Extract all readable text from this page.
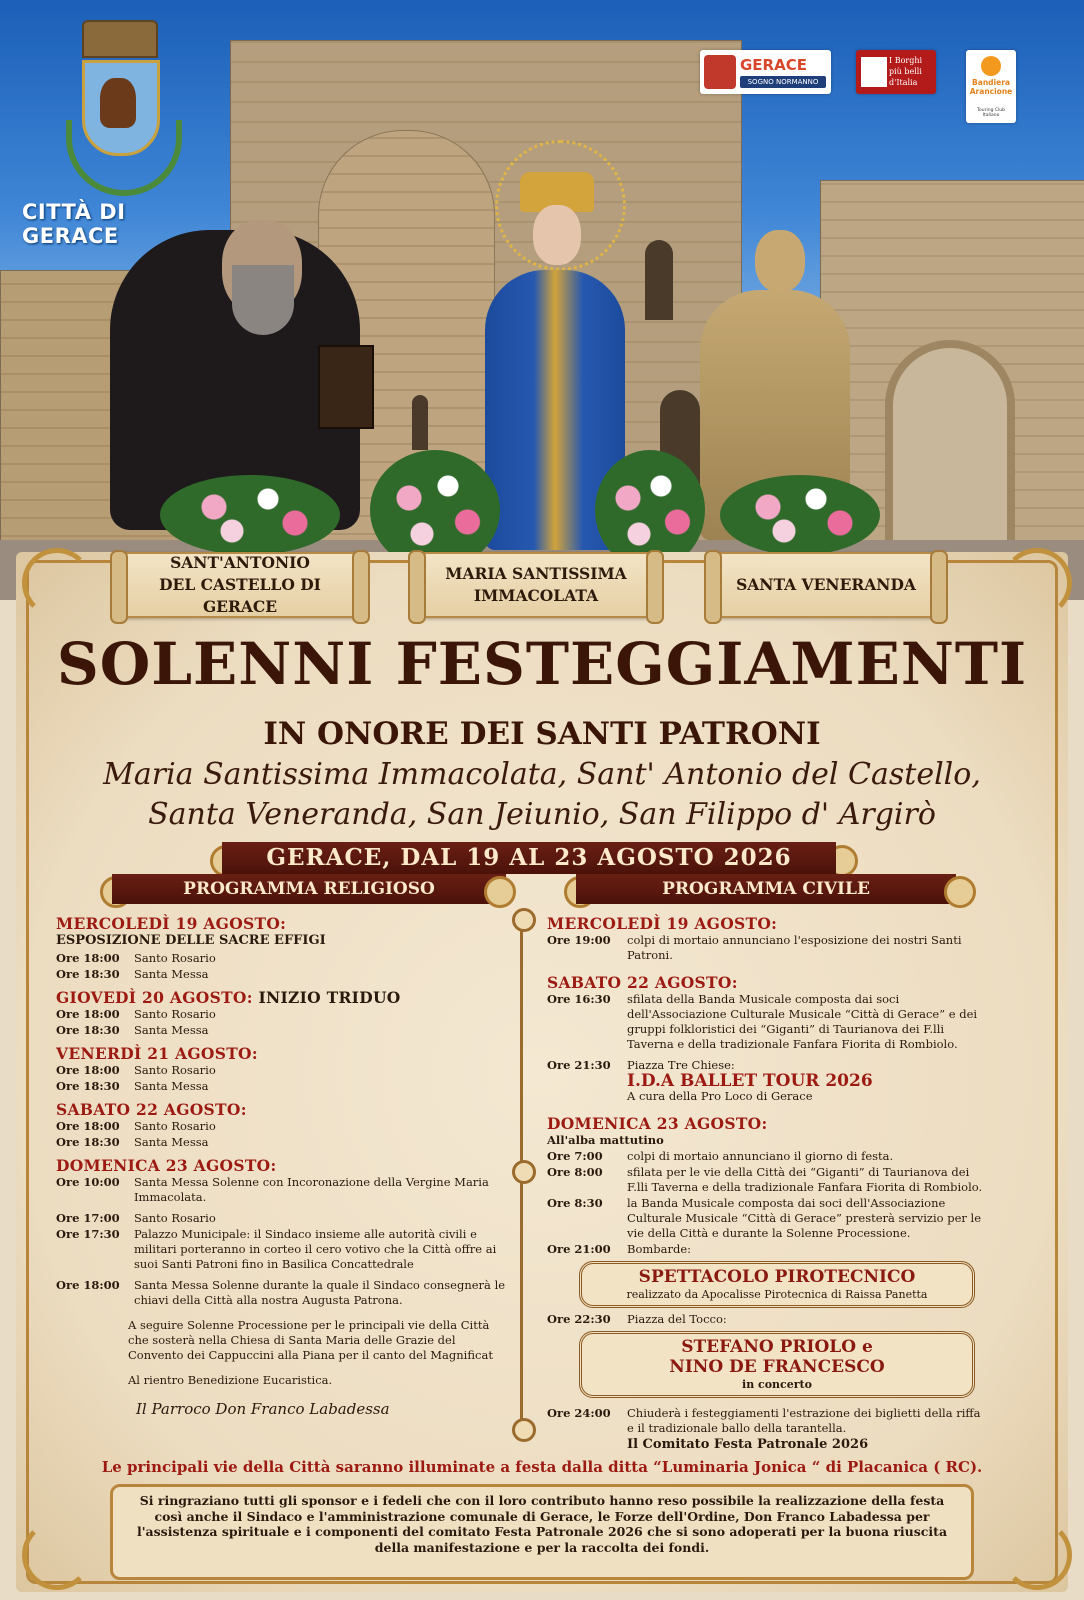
CITTÀ DI GERACE
GERACE
SOGNO NORMANNO
I Borghi più belli d'Italia	Bandiera Arancione
Touring Club Italiano
SANT'ANTONIO
DEL CASTELLO DI GERACE
MARIA SANTISSIMA
IMMACOLATA
SANTA VENERANDA
SOLENNI FESTEGGIAMENTI
IN ONORE DEI SANTI PATRONI
Maria Santissima Immacolata, Sant' Antonio del Castello,
Santa Veneranda, San Jeiunio, San Filippo d' Argirò
GERACE, DAL 19 AL 23 AGOSTO 2026
PROGRAMMA RELIGIOSO	PROGRAMMA CIVILE
MERCOLEDÌ 19 AGOSTO:
ESPOSIZIONE DELLE SACRE EFFIGI
Ore 18:00	Santo Rosario
Ore 18:30	Santa Messa
GIOVEDÌ 20 AGOSTO: INIZIO TRIDUO
Ore 18:00	Santo Rosario
Ore 18:30	Santa Messa
VENERDÌ 21 AGOSTO:
Ore 18:00	Santo Rosario
Ore 18:30	Santa Messa
SABATO 22 AGOSTO:
Ore 18:00	Santo Rosario
Ore 18:30	Santa Messa
DOMENICA 23 AGOSTO:
Ore 10:00	Santa Messa Solenne con Incoronazione della Vergine Maria Immacolata.
Ore 17:00	Santo Rosario
Ore 17:30	Palazzo Municipale: il Sindaco insieme alle autorità civili e militari porteranno in corteo il cero votivo che la Città offre ai suoi Santi Patroni fino in Basilica Concattedrale
Ore 18:00	Santa Messa Solenne durante la quale il Sindaco consegnerà le chiavi della Città alla nostra Augusta Patrona.
A seguire Solenne Processione per le principali vie della Città che sosterà nella Chiesa di Santa Maria delle Grazie del Convento dei Cappuccini alla Piana per il canto del Magnificat
Al rientro Benedizione Eucaristica.
Il Parroco Don Franco Labadessa
MERCOLEDÌ 19 AGOSTO:
Ore 19:00	colpi di mortaio annunciano l'esposizione dei nostri Santi Patroni.
SABATO 22 AGOSTO:
Ore 16:30	sfilata della Banda Musicale composta dai soci dell'Associazione Culturale Musicale “Città di Gerace” e dei gruppi folkloristici dei “Giganti” di Taurianova dei F.lli Taverna e della tradizionale Fanfara Fiorita di Rombiolo.
Ore 21:30	Piazza Tre Chiese:
I.D.A BALLET TOUR 2026
A cura della Pro Loco di Gerace
DOMENICA 23 AGOSTO:
All'alba mattutino
Ore 7:00	colpi di mortaio annunciano il giorno di festa.
Ore 8:00	sfilata per le vie della Città dei “Giganti” di Taurianova dei F.lli Taverna e della tradizionale Fanfara Fiorita di Rombiolo.
Ore 8:30	la Banda Musicale composta dai soci dell'Associazione Culturale Musicale “Città di Gerace” presterà servizio per le vie della Città e durante la Solenne Processione.
Ore 21:00	Bombarde:
SPETTACOLO PIROTECNICO
realizzato da Apocalisse Pirotecnica di Raissa Panetta
Ore 22:30	Piazza del Tocco:
STEFANO PRIOLO e
NINO DE FRANCESCO
in concerto
Ore 24:00	Chiuderà i festeggiamenti l'estrazione dei biglietti della riffa e il tradizionale ballo della tarantella.
Il Comitato Festa Patronale 2026
Le principali vie della Città saranno illuminate a festa dalla ditta “Luminaria Jonica “ di Placanica ( RC).
Si ringraziano tutti gli sponsor e i fedeli che con il loro contributo hanno reso possibile la realizzazione della festa così anche il Sindaco e l'amministrazione comunale di Gerace, le Forze dell'Ordine, Don Franco Labadessa per l'assistenza spirituale e i componenti del comitato Festa Patronale 2026 che si sono adoperati per la buona riuscita della manifestazione e per la raccolta dei fondi.
